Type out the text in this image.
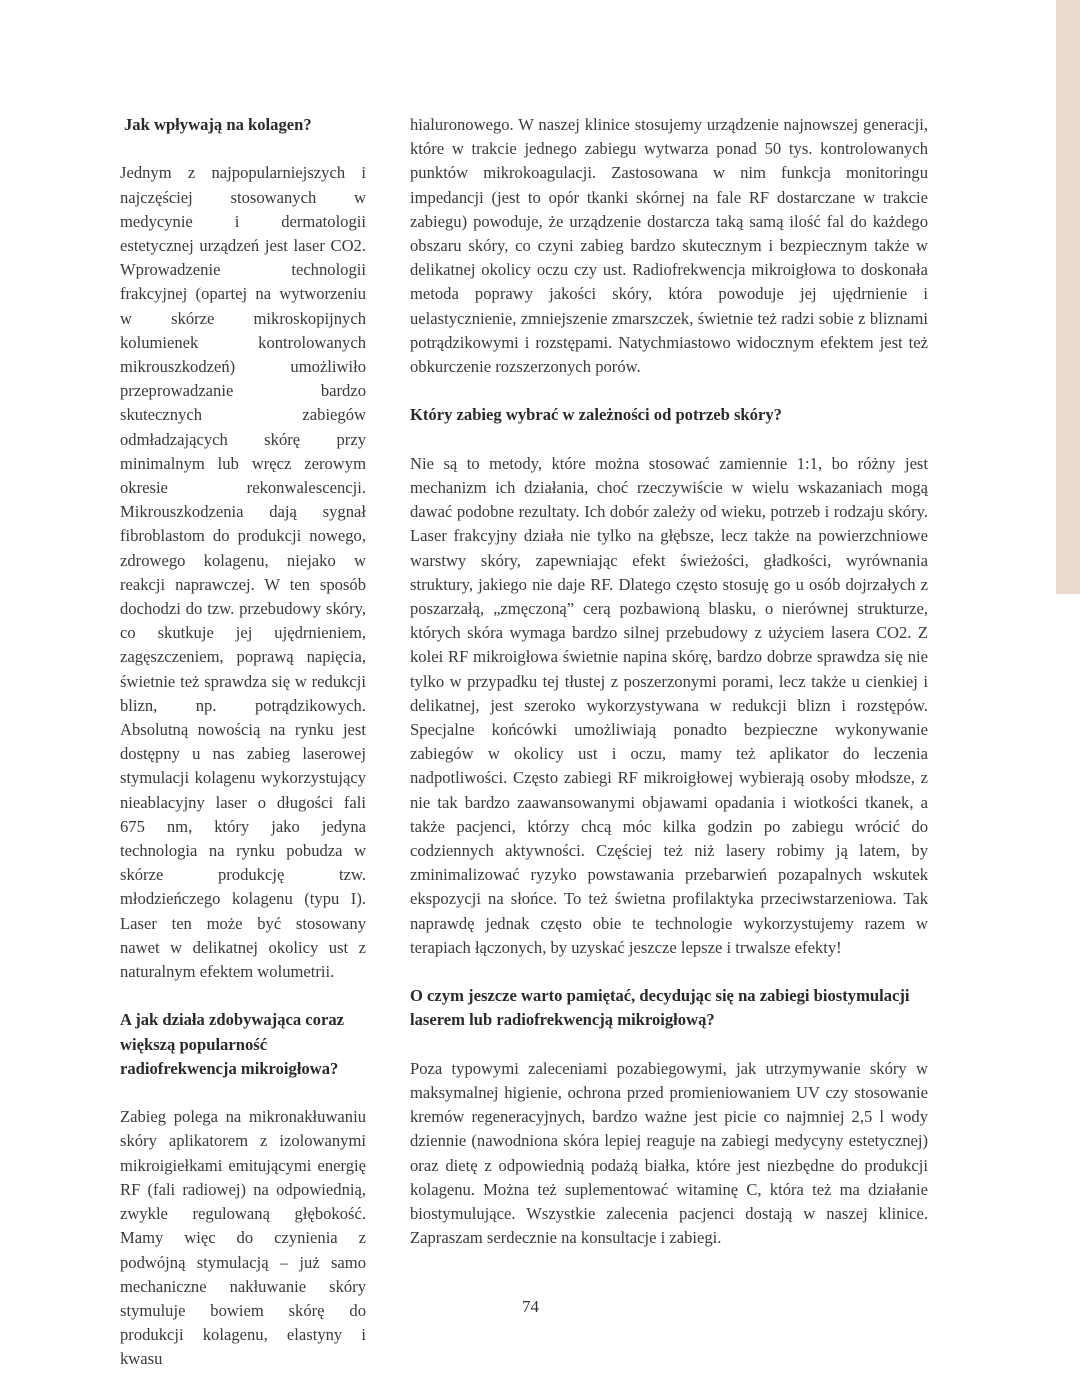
Jak wpływają na kolagen?

Jednym z najpopularniejszych i najczęściej stosowanych w medycynie i dermatologii estetycznej urządzeń jest laser CO2. Wprowadzenie technologii frakcyjnej (opartej na wytworzeniu w skórze mikroskopijnych kolumienek kontrolowanych mikrouszkodzeń) umożliwiło przeprowadzanie bardzo skutecznych zabiegów odmładzających skórę przy minimalnym lub wręcz zerowym okresie rekonwalescencji. Mikrouszkodzenia dają sygnał fibroblastom do produkcji nowego, zdrowego kolagenu, niejako w reakcji naprawczej. W ten sposób dochodzi do tzw. przebudowy skóry, co skutkuje jej ujędrnieniem, zagęszczeniem, poprawą napięcia, świetnie też sprawdza się w redukcji blizn, np. potrądzikowych. Absolutną nowością na rynku jest dostępny u nas zabieg laserowej stymulacji kolagenu wykorzystujący nieablacyjny laser o długości fali 675 nm, który jako jedyna technologia na rynku pobudza w skórze produkcję tzw. młodzieńczego kolagenu (typu I). Laser ten może być stosowany nawet w delikatnej okolicy ust z naturalnym efektem wolumetrii.

A jak działa zdobywająca coraz większą popularność radiofrekwencja mikroigłowa?

Zabieg polega na mikronakłuwaniu skóry aplikatorem z izolowanymi mikroigiełkami emitującymi energię RF (fali radiowej) na odpowiednią, zwykle regulowaną głębokość. Mamy więc do czynienia z podwójną stymulacją – już samo mechaniczne nakłuwanie skóry stymuluje bowiem skórę do produkcji kolagenu, elastyny i kwasu

hialuronowego. W naszej klinice stosujemy urządzenie najnowszej generacji, które w trakcie jednego zabiegu wytwarza ponad 50 tys. kontrolowanych punktów mikrokoagulacji. Zastosowana w nim funkcja monitoringu impedancji (jest to opór tkanki skórnej na fale RF dostarczane w trakcie zabiegu) powoduje, że urządzenie dostarcza taką samą ilość fal do każdego obszaru skóry, co czyni zabieg bardzo skutecznym i bezpiecznym także w delikatnej okolicy oczu czy ust. Radiofrekwencja mikroigłowa to doskonała metoda poprawy jakości skóry, która powoduje jej ujędrnienie i uelastycznienie, zmniejszenie zmarszczek, świetnie też radzi sobie z bliznami potrądzikowymi i rozstępami. Natychmiastowo widocznym efektem jest też obkurczenie rozszerzonych porów.

Który zabieg wybrać w zależności od potrzeb skóry?

Nie są to metody, które można stosować zamiennie 1:1, bo różny jest mechanizm ich działania, choć rzeczywiście w wielu wskazaniach mogą dawać podobne rezultaty. Ich dobór zależy od wieku, potrzeb i rodzaju skóry. Laser frakcyjny działa nie tylko na głębsze, lecz także na powierzchniowe warstwy skóry, zapewniając efekt świeżości, gładkości, wyrównania struktury, jakiego nie daje RF. Dlatego często stosuję go u osób dojrzałych z poszarzałą, „zmęczoną” cerą pozbawioną blasku, o nierównej strukturze, których skóra wymaga bardzo silnej przebudowy z użyciem lasera CO2. Z kolei RF mikroigłowa świetnie napina skórę, bardzo dobrze sprawdza się nie tylko w przypadku tej tłustej z poszerzonymi porami, lecz także u cienkiej i delikatnej, jest szeroko wykorzystywana w redukcji blizn i rozstępów. Specjalne końcówki umożliwiają ponadto bezpieczne wykonywanie zabiegów w okolicy ust i oczu, mamy też aplikator do leczenia nadpotliwości. Często zabiegi RF mikroigłowej wybierają osoby młodsze, z nie tak bardzo zaawansowanymi objawami opadania i wiotkości tkanek, a także pacjenci, którzy chcą móc kilka godzin po zabiegu wrócić do codziennych aktywności. Częściej też niż lasery robimy ją latem, by zminimalizować ryzyko powstawania przebarwień pozapalnych wskutek ekspozycji na słońce. To też świetna profilaktyka przeciwstarzeniowa. Tak naprawdę jednak często obie te technologie wykorzystujemy razem w terapiach łączonych, by uzyskać jeszcze lepsze i trwalsze efekty!

O czym jeszcze warto pamiętać, decydując się na zabiegi biostymulacji laserem lub radiofrekwencją mikroigłową?

Poza typowymi zaleceniami pozabiegowymi, jak utrzymywanie skóry w maksymalnej higienie, ochrona przed promieniowaniem UV czy stosowanie kremów regeneracyjnych, bardzo ważne jest picie co najmniej 2,5 l wody dziennie (nawodniona skóra lepiej reaguje na zabiegi medycyny estetycznej) oraz dietę z odpowiednią podażą białka, które jest niezbędne do produkcji kolagenu. Można też suplementować witaminę C, która też ma działanie biostymulujące. Wszystkie zalecenia pacjenci dostają w naszej klinice. Zapraszam serdecznie na konsultacje i zabiegi.

74
